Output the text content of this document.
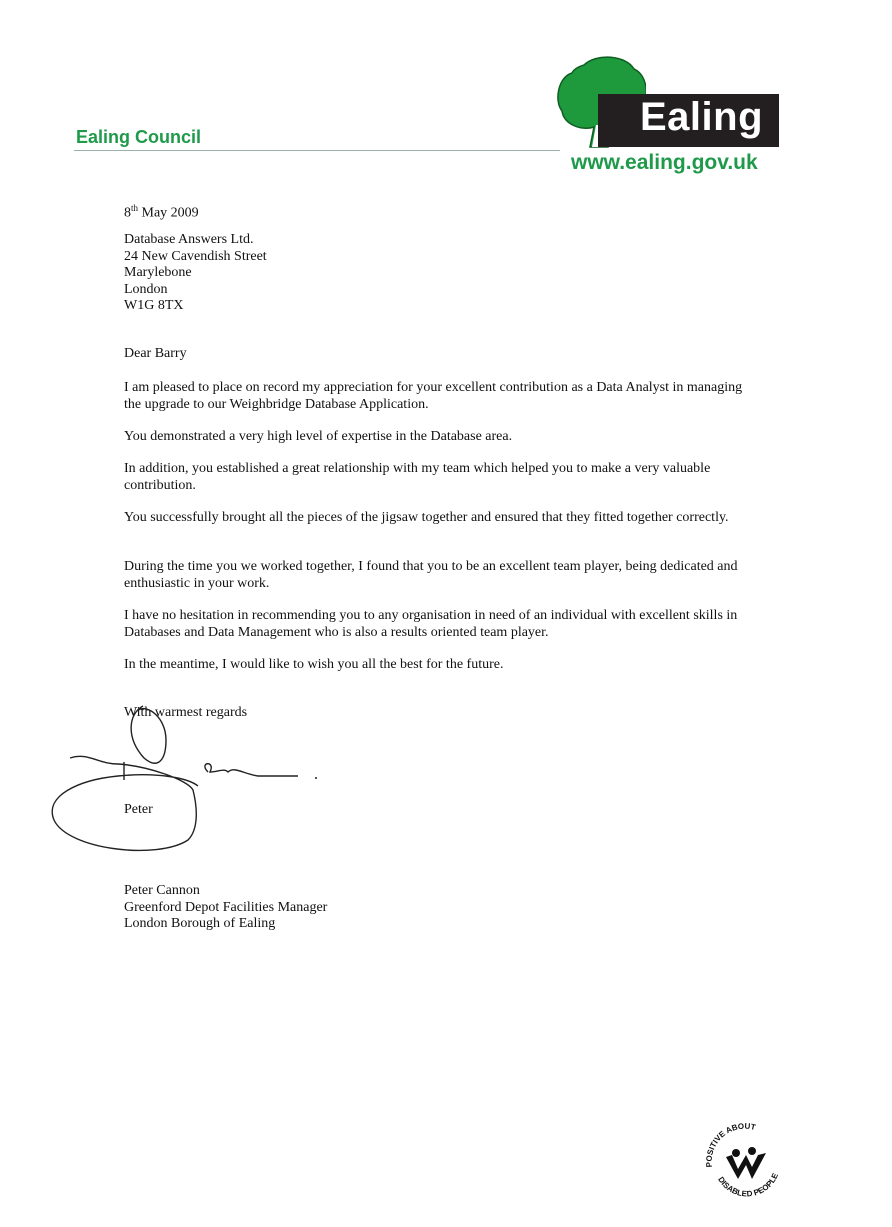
Ealing Council	Ealing
www.ealing.gov.uk
8th May 2009
Database Answers Ltd.
24 New Cavendish Street
Marylebone
London
W1G 8TX
Dear Barry
I am pleased to place on record my appreciation for your excellent contribution as a Data Analyst in managing the upgrade to our Weighbridge Database Application.
You demonstrated a very high level of expertise in the Database area.
In addition, you established a great relationship with my team which helped you to make a very valuable contribution.
You successfully brought all the pieces of the jigsaw together and ensured that they fitted together correctly.
During the time you we worked together, I found that you to be an excellent team player, being dedicated and enthusiastic in your work.
I have no hesitation in recommending you to any organisation in need of an individual with excellent skills in Databases and Data Management who is also a results oriented team player.
In the meantime, I would like to wish you all the best for the future.
With warmest regards
Peter
Peter Cannon
Greenford Depot Facilities Manager
London Borough of Ealing
POSITIVE ABOUT
DISABLED PEOPLE
